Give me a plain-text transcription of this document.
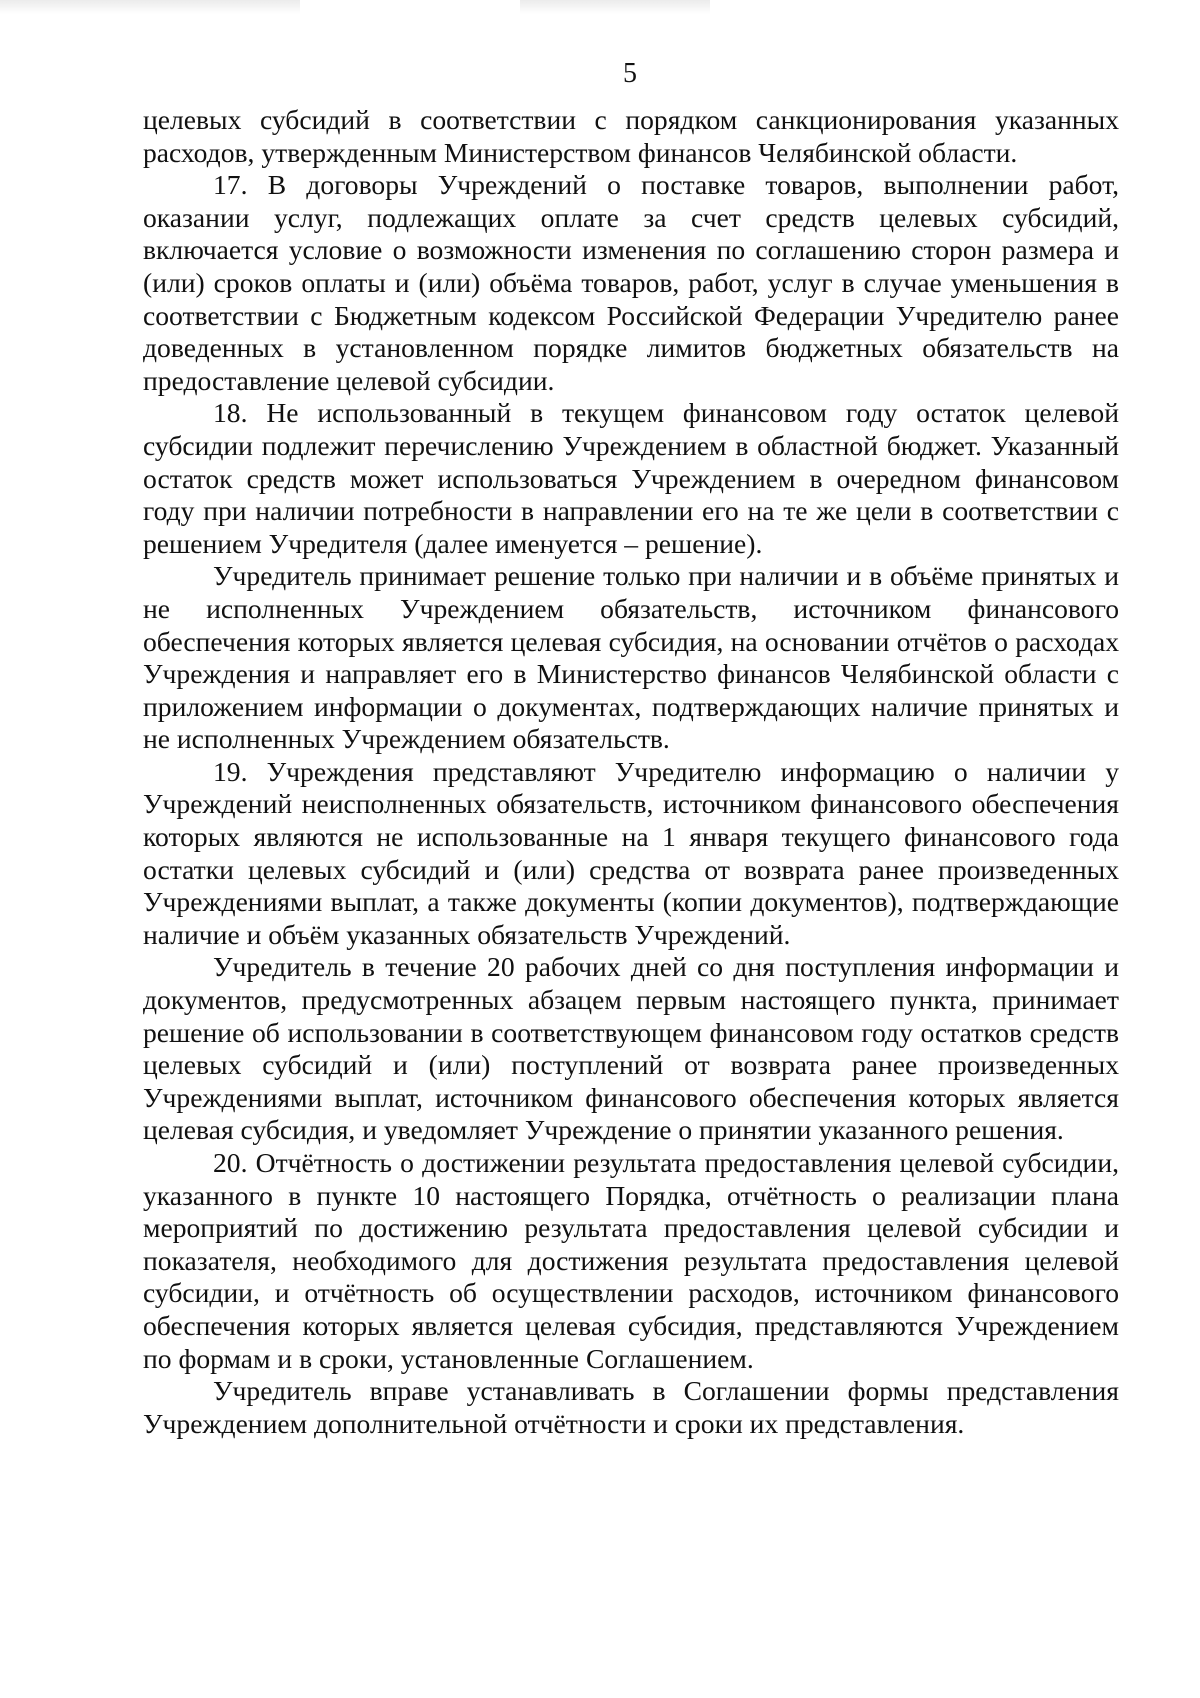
5

целевых субсидий в соответствии с порядком санкционирования указанных расходов, утвержденным Министерством финансов Челябинской области.

17. В договоры Учреждений о поставке товаров, выполнении работ, оказании услуг, подлежащих оплате за счет средств целевых субсидий, включается условие о возможности изменения по соглашению сторон размера и (или) сроков оплаты и (или) объёма товаров, работ, услуг в случае уменьшения в соответствии с Бюджетным кодексом Российской Федерации Учредителю ранее доведенных в установленном порядке лимитов бюджетных обязательств на предоставление целевой субсидии.

18. Не использованный в текущем финансовом году остаток целевой субсидии подлежит перечислению Учреждением в областной бюджет. Указанный остаток средств может использоваться Учреждением в очередном финансовом году при наличии потребности в направлении его на те же цели в соответствии с решением Учредителя (далее именуется – решение).

Учредитель принимает решение только при наличии и в объёме принятых и не исполненных Учреждением обязательств, источником финансового обеспечения которых является целевая субсидия, на основании отчётов о расходах Учреждения и направляет его в Министерство финансов Челябинской области с приложением информации о документах, подтверждающих наличие принятых и не исполненных Учреждением обязательств.

19. Учреждения представляют Учредителю информацию о наличии у Учреждений неисполненных обязательств, источником финансового обеспечения которых являются не использованные на 1 января текущего финансового года остатки целевых субсидий и (или) средства от возврата ранее произведенных Учреждениями выплат, а также документы (копии документов), подтверждающие наличие и объём указанных обязательств Учреждений.

Учредитель в течение 20 рабочих дней со дня поступления информации и документов, предусмотренных абзацем первым настоящего пункта, принимает решение об использовании в соответствующем финансовом году остатков средств целевых субсидий и (или) поступлений от возврата ранее произведенных Учреждениями выплат, источником финансового обеспечения которых является целевая субсидия, и уведомляет Учреждение о принятии указанного решения.

20. Отчётность о достижении результата предоставления целевой субсидии, указанного в пункте 10 настоящего Порядка, отчётность о реализации плана мероприятий по достижению результата предоставления целевой субсидии и показателя, необходимого для достижения результата предоставления целевой субсидии, и отчётность об осуществлении расходов, источником финансового обеспечения которых является целевая субсидия, представляются Учреждением по формам и в сроки, установленные Соглашением.

Учредитель вправе устанавливать в Соглашении формы представления Учреждением дополнительной отчётности и сроки их представления.
